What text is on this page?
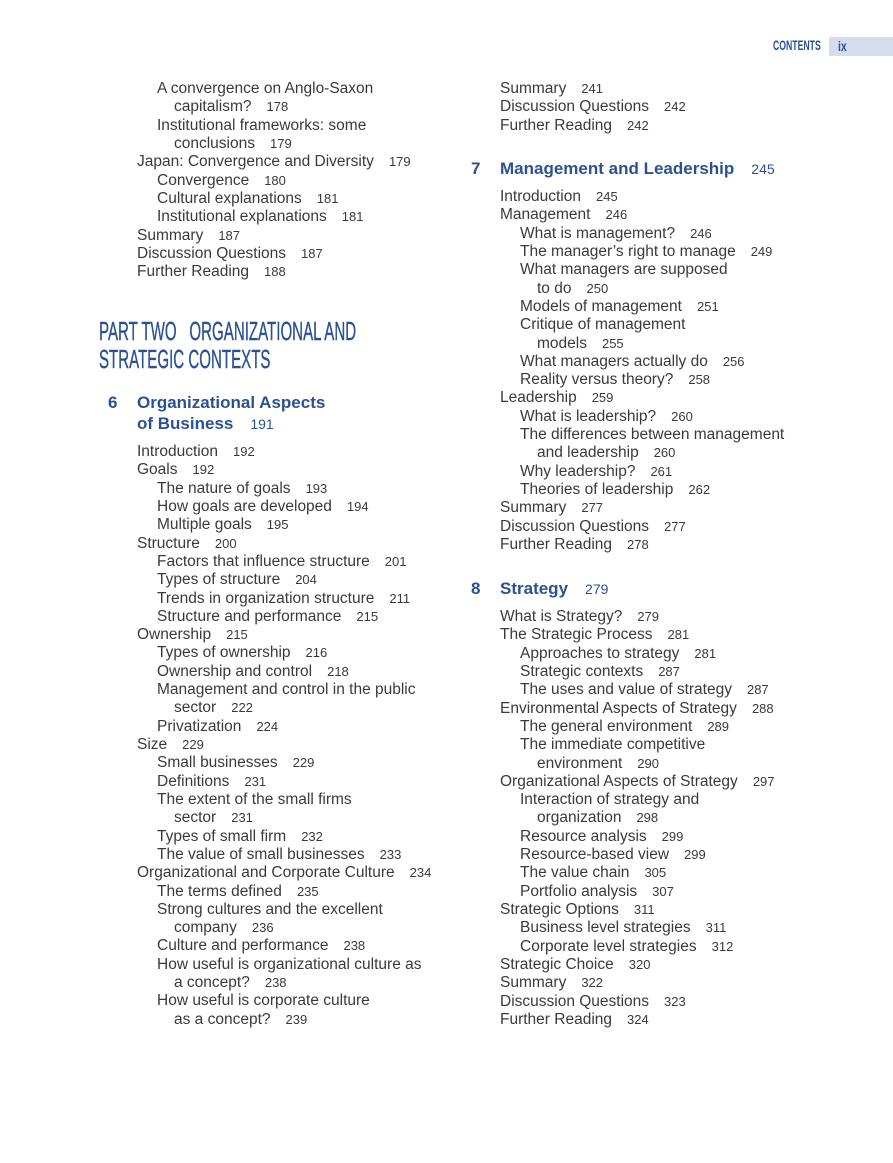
CONTENTS ix
A convergence on Anglo-Saxon
capitalism? 178
Institutional frameworks: some
conclusions 179
Japan: Convergence and Diversity 179
Convergence 180
Cultural explanations 181
Institutional explanations 181
Summary 187
Discussion Questions 187
Further Reading 188
PART TWO ORGANIZATIONAL AND
STRATEGIC CONTEXTS
6 Organizational Aspects
of Business 191
Introduction 192
Goals 192
The nature of goals 193
How goals are developed 194
Multiple goals 195
Structure 200
Factors that influence structure 201
Types of structure 204
Trends in organization structure 211
Structure and performance 215
Ownership 215
Types of ownership 216
Ownership and control 218
Management and control in the public
sector 222
Privatization 224
Size 229
Small businesses 229
Definitions 231
The extent of the small firms
sector 231
Types of small firm 232
The value of small businesses 233
Organizational and Corporate Culture 234
The terms defined 235
Strong cultures and the excellent
company 236
Culture and performance 238
How useful is organizational culture as
a concept? 238
How useful is corporate culture
as a concept? 239
Summary 241
Discussion Questions 242
Further Reading 242
7 Management and Leadership 245
Introduction 245
Management 246
What is management? 246
The manager’s right to manage 249
What managers are supposed
to do 250
Models of management 251
Critique of management
models 255
What managers actually do 256
Reality versus theory? 258
Leadership 259
What is leadership? 260
The differences between management
and leadership 260
Why leadership? 261
Theories of leadership 262
Summary 277
Discussion Questions 277
Further Reading 278
8 Strategy 279
What is Strategy? 279
The Strategic Process 281
Approaches to strategy 281
Strategic contexts 287
The uses and value of strategy 287
Environmental Aspects of Strategy 288
The general environment 289
The immediate competitive
environment 290
Organizational Aspects of Strategy 297
Interaction of strategy and
organization 298
Resource analysis 299
Resource-based view 299
The value chain 305
Portfolio analysis 307
Strategic Options 311
Business level strategies 311
Corporate level strategies 312
Strategic Choice 320
Summary 322
Discussion Questions 323
Further Reading 324
